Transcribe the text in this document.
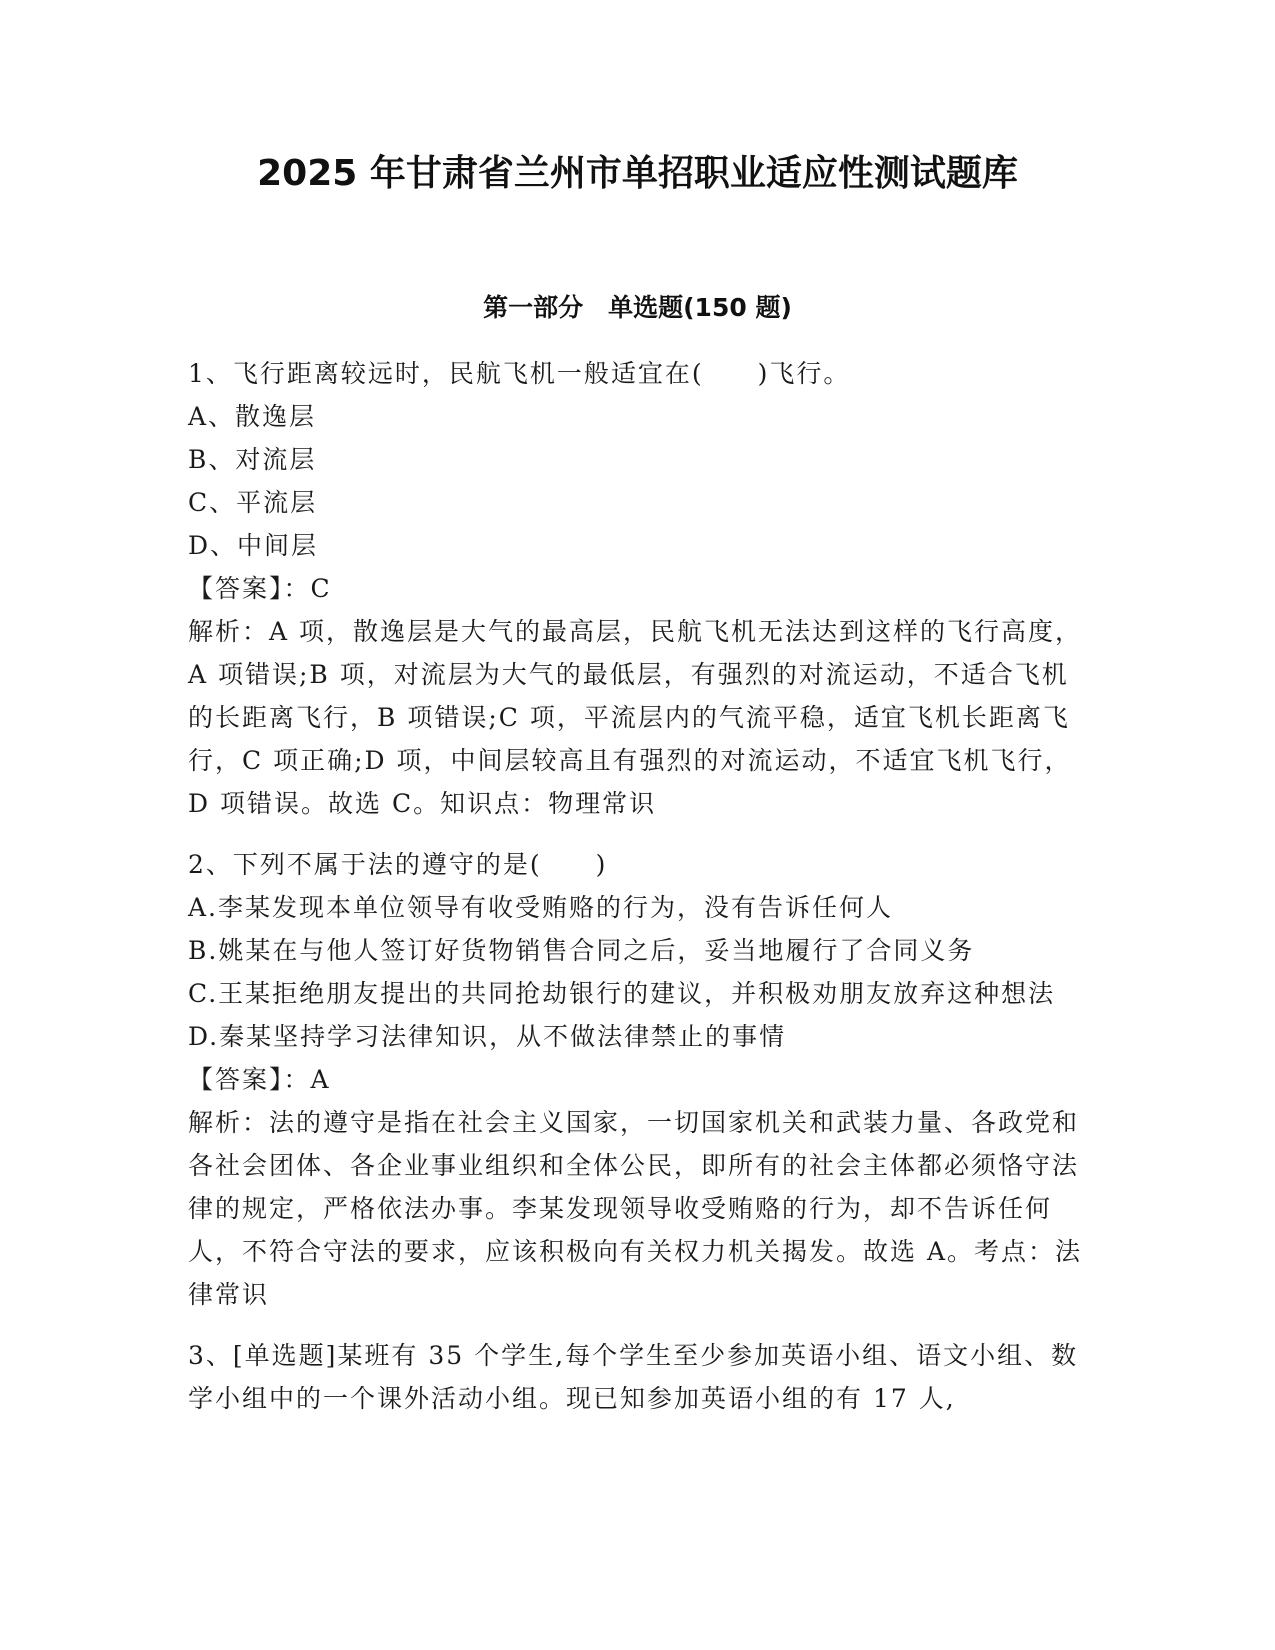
2025 年甘肃省兰州市单招职业适应性测试题库
第一部分　单选题(150 题)

1、飞行距离较远时，民航飞机一般适宜在(　　)飞行。

A、散逸层

B、对流层

C、平流层

D、中间层

【答案】：C

解析：A 项，散逸层是大气的最高层，民航飞机无法达到这样的飞行高度，A 项错误;B 项，对流层为大气的最低层，有强烈的对流运动，不适合飞机的长距离飞行，B 项错误;C 项，平流层内的气流平稳，适宜飞机长距离飞行，C 项正确;D 项，中间层较高且有强烈的对流运动，不适宜飞机飞行，D 项错误。故选 C。知识点：物理常识

2、下列不属于法的遵守的是(　　)

A.李某发现本单位领导有收受贿赂的行为，没有告诉任何人

B.姚某在与他人签订好货物销售合同之后，妥当地履行了合同义务

C.王某拒绝朋友提出的共同抢劫银行的建议，并积极劝朋友放弃这种想法

D.秦某坚持学习法律知识，从不做法律禁止的事情

【答案】：A

解析：法的遵守是指在社会主义国家，一切国家机关和武装力量、各政党和各社会团体、各企业事业组织和全体公民，即所有的社会主体都必须恪守法律的规定，严格依法办事。李某发现领导收受贿赂的行为，却不告诉任何人，不符合守法的要求，应该积极向有关权力机关揭发。故选 A。考点：法律常识

3、[单选题]某班有 35 个学生,每个学生至少参加英语小组、语文小组、数学小组中的一个课外活动小组。现已知参加英语小组的有 17 人,
